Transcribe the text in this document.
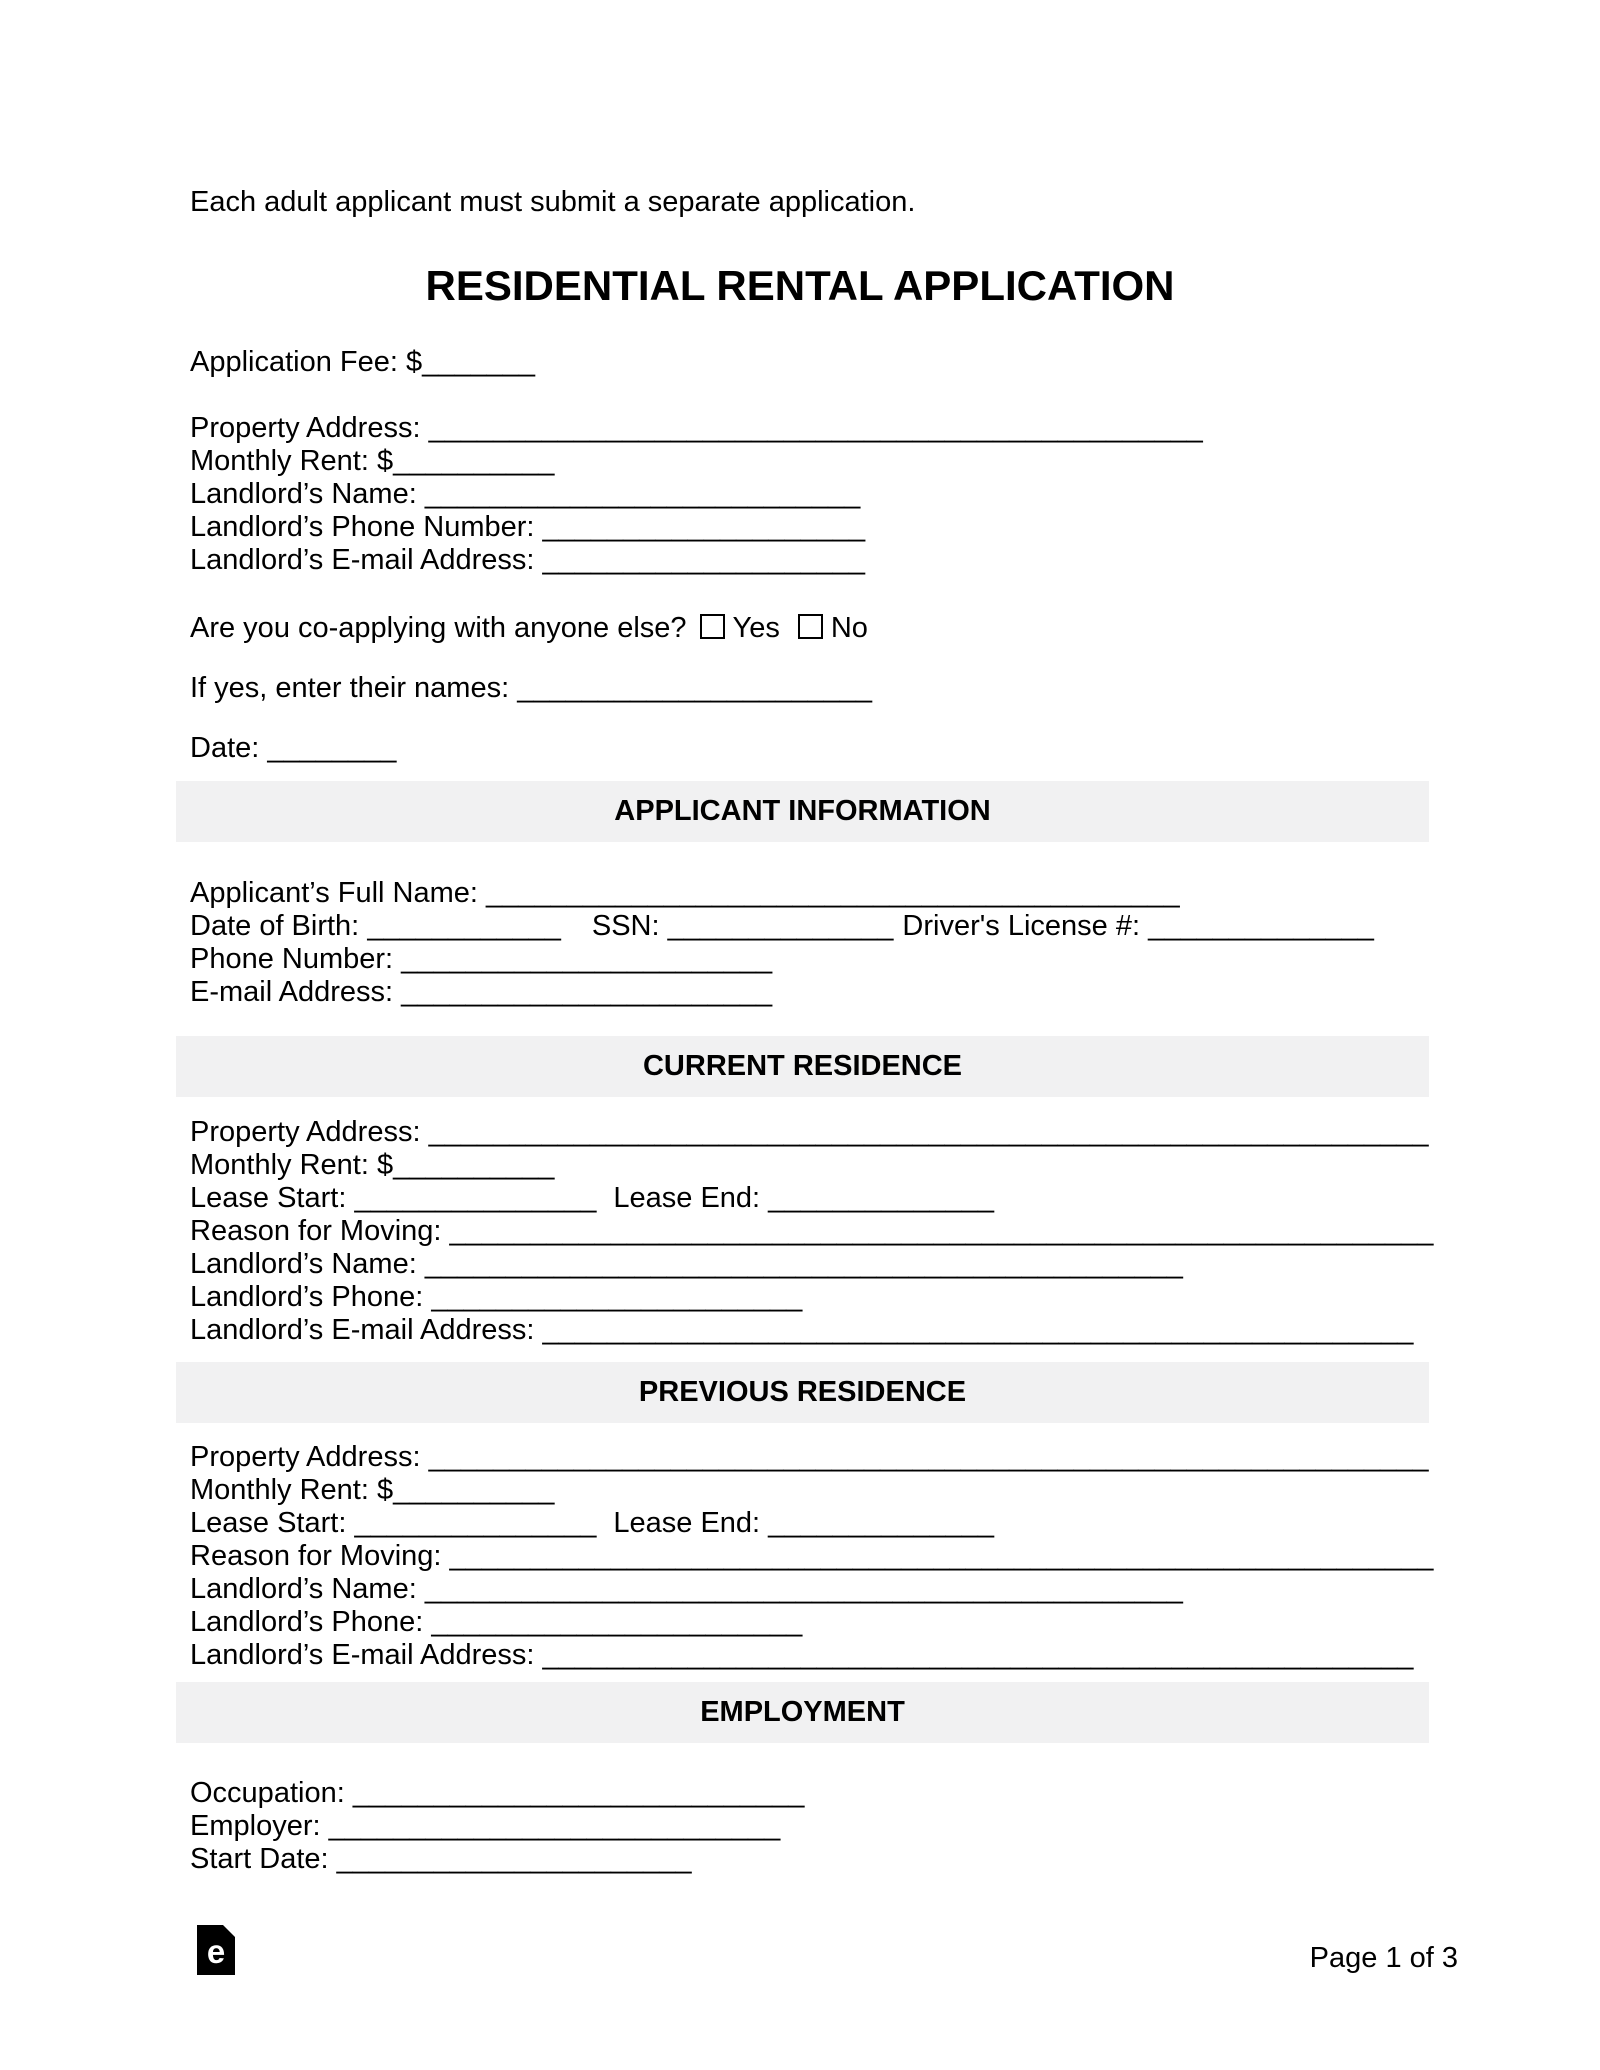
Each adult applicant must submit a separate application.
RESIDENTIAL RENTAL APPLICATION
Application Fee: $_______
Property Address: ________________________________________________
Monthly Rent: $__________
Landlord’s Name: ___________________________
Landlord’s Phone Number: ____________________
Landlord’s E-mail Address: ____________________
Are you co-applying with anyone else? Yes No
If yes, enter their names: ______________________
Date: ________
APPLICANT INFORMATION
Applicant’s Full Name: ___________________________________________
Date of Birth: ____________ SSN: ______________ Driver's License #: ______________
Phone Number: _______________________
E-mail Address: _______________________
CURRENT RESIDENCE
Property Address: ______________________________________________________________
Monthly Rent: $__________
Lease Start: _______________ Lease End: ______________
Reason for Moving: _____________________________________________________________
Landlord’s Name: _______________________________________________
Landlord’s Phone: _______________________
Landlord’s E-mail Address: ______________________________________________________
PREVIOUS RESIDENCE
Property Address: ______________________________________________________________
Monthly Rent: $__________
Lease Start: _______________ Lease End: ______________
Reason for Moving: _____________________________________________________________
Landlord’s Name: _______________________________________________
Landlord’s Phone: _______________________
Landlord’s E-mail Address: ______________________________________________________
EMPLOYMENT
Occupation: ____________________________
Employer: ____________________________
Start Date: ______________________
e	Page 1 of 3
